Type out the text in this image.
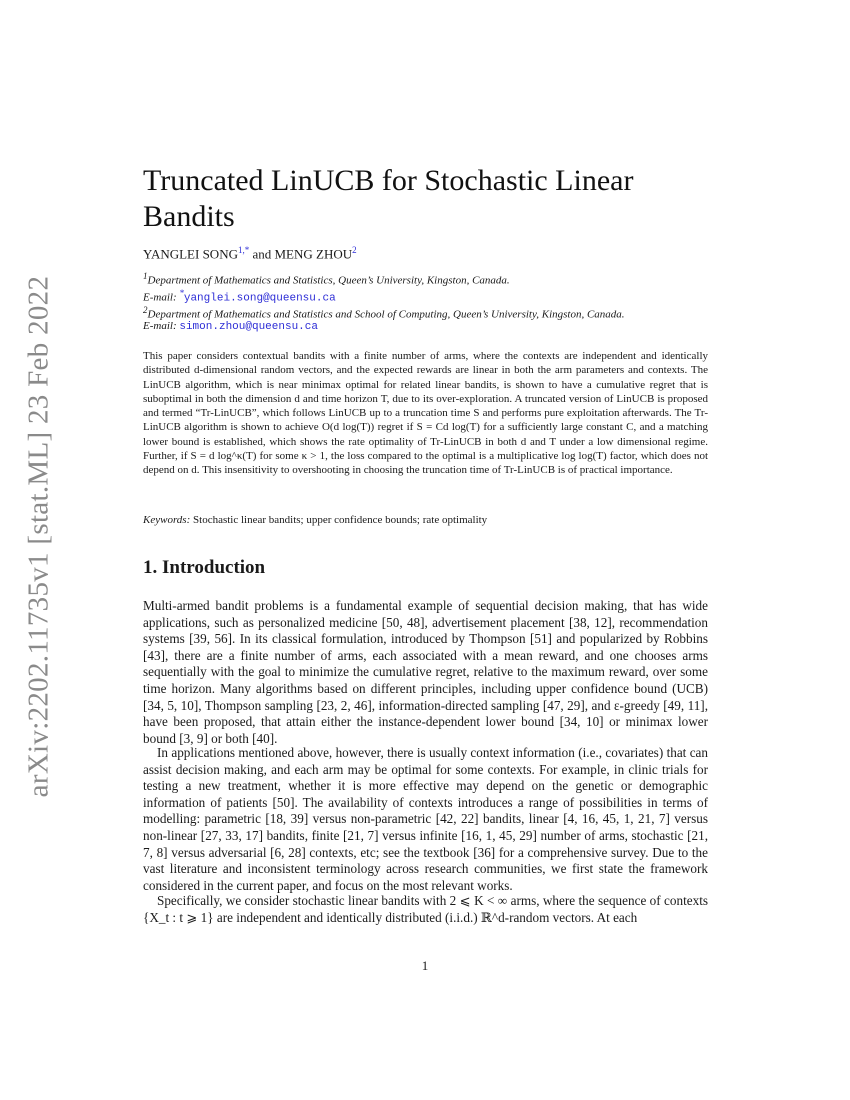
arXiv:2202.11735v1 [stat.ML] 23 Feb 2022
Truncated LinUCB for Stochastic Linear Bandits
YANGLEI $SONG^{1,*}$ and MENG ZHOU$^2$
$^1$Department of Mathematics and Statistics, Queen’s University, Kingston, Canada.
E-mail: *yanglei.song@queensu.ca
$^2$Department of Mathematics and Statistics and School of Computing, Queen’s University, Kingston, Canada.
E-mail: simon.zhou@queensu.ca
This paper considers contextual bandits with a finite number of arms, where the contexts are independent and identically distributed d-dimensional random vectors, and the expected rewards are linear in both the arm parameters and contexts. The LinUCB algorithm, which is near minimax optimal for related linear bandits, is shown to have a cumulative regret that is suboptimal in both the dimension d and time horizon T, due to its over-exploration. A truncated version of LinUCB is proposed and termed “Tr-LinUCB”, which follows LinUCB up to a truncation time S and performs pure exploitation afterwards. The Tr-LinUCB algorithm is shown to achieve O(d log(T)) regret if S = Cd log(T) for a sufficiently large constant C, and a matching lower bound is established, which shows the rate optimality of Tr-LinUCB in both d and T under a low dimensional regime. Further, if S = d log^κ(T) for some κ > 1, the loss compared to the optimal is a multiplicative log log(T) factor, which does not depend on d. This insensitivity to overshooting in choosing the truncation time of Tr-LinUCB is of practical importance.
Keywords: Stochastic linear bandits; upper confidence bounds; rate optimality
1. Introduction
Multi-armed bandit problems is a fundamental example of sequential decision making, that has wide applications, such as personalized medicine [50, 48], advertisement placement [38, 12], recommendation systems [39, 56]. In its classical formulation, introduced by Thompson [51] and popularized by Robbins [43], there are a finite number of arms, each associated with a mean reward, and one chooses arms sequentially with the goal to minimize the cumulative regret, relative to the maximum reward, over some time horizon. Many algorithms based on different principles, including upper confidence bound (UCB) [34, 5, 10], Thompson sampling [23, 2, 46], information-directed sampling [47, 29], and ε-greedy [49, 11], have been proposed, that attain either the instance-dependent lower bound [34, 10] or minimax lower bound [3, 9] or both [40].
In applications mentioned above, however, there is usually context information (i.e., covariates) that can assist decision making, and each arm may be optimal for some contexts. For example, in clinic trials for testing a new treatment, whether it is more effective may depend on the genetic or demographic information of patients [50]. The availability of contexts introduces a range of possibilities in terms of modelling: parametric [18, 39] versus non-parametric [42, 22] bandits, linear [4, 16, 45, 1, 21, 7] versus non-linear [27, 33, 17] bandits, finite [21, 7] versus infinite [16, 1, 45, 29] number of arms, stochastic [21, 7, 8] versus adversarial [6, 28] contexts, etc; see the textbook [36] for a comprehensive survey. Due to the vast literature and inconsistent terminology across research communities, we first state the framework considered in the current paper, and focus on the most relevant works.
Specifically, we consider stochastic linear bandits with 2 ⩽ K < ∞ arms, where the sequence of contexts {X_t : t ⩾ 1} are independent and identically distributed (i.i.d.) ℝ^d-random vectors. At each
1
